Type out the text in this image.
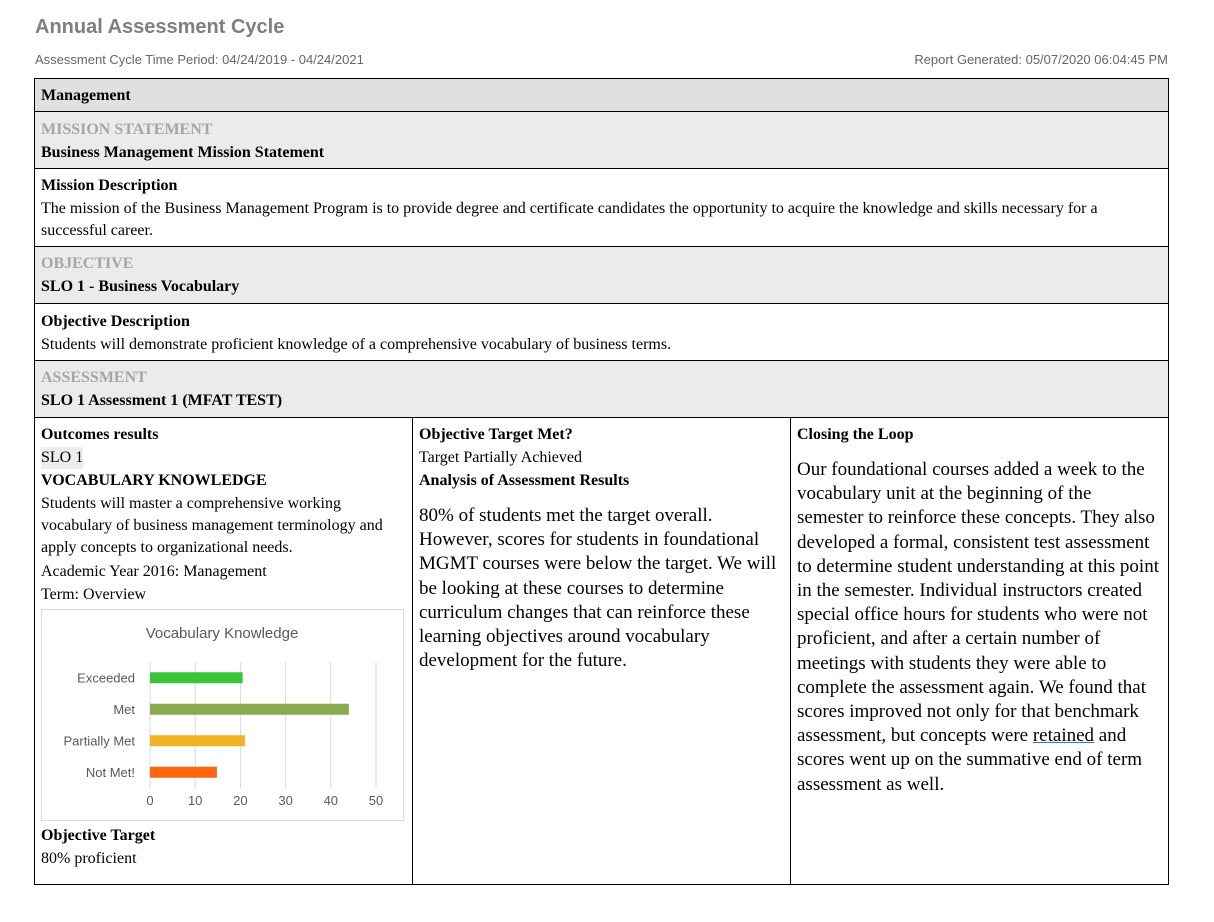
Annual Assessment Cycle
Assessment Cycle Time Period: 04/24/2019 - 04/24/2021	Report Generated: 05/07/2020 06:04:45 PM
Management
MISSION STATEMENT
Business Management Mission Statement
Mission Description
The mission of the Business Management Program is to provide degree and certificate candidates the opportunity to acquire the knowledge and skills necessary for a successful career.
OBJECTIVE
SLO 1 - Business Vocabulary
Objective Description
Students will demonstrate proficient knowledge of a comprehensive vocabulary of business terms.
ASSESSMENT
SLO 1 Assessment 1 (MFAT TEST)
Outcomes results
SLO 1
VOCABULARY KNOWLEDGE
Students will master a comprehensive working vocabulary of business management terminology and apply concepts to organizational needs.
Academic Year 2016: Management
Term: Overview
Vocabulary Knowledge
0	10 20 30 40 50
Exceeded
Met
Partially Met
Not Met!
Objective Target
80% proficient
Objective Target Met?
Target Partially Achieved
Analysis of Assessment Results
80% of students met the target overall. However, scores for students in foundational MGMT courses were below the target. We will be looking at these courses to determine curriculum changes that can reinforce these learning objectives around vocabulary development for the future.
Closing the Loop
Our foundational courses added a week to the vocabulary unit at the beginning of the semester to reinforce these concepts. They also developed a formal, consistent test assessment to determine student understanding at this point in the semester. Individual instructors created special office hours for students who were not proficient, and after a certain number of meetings with students they were able to complete the assessment again. We found that scores improved not only for that benchmark assessment, but concepts were retained and scores went up on the summative end of term assessment as well.
